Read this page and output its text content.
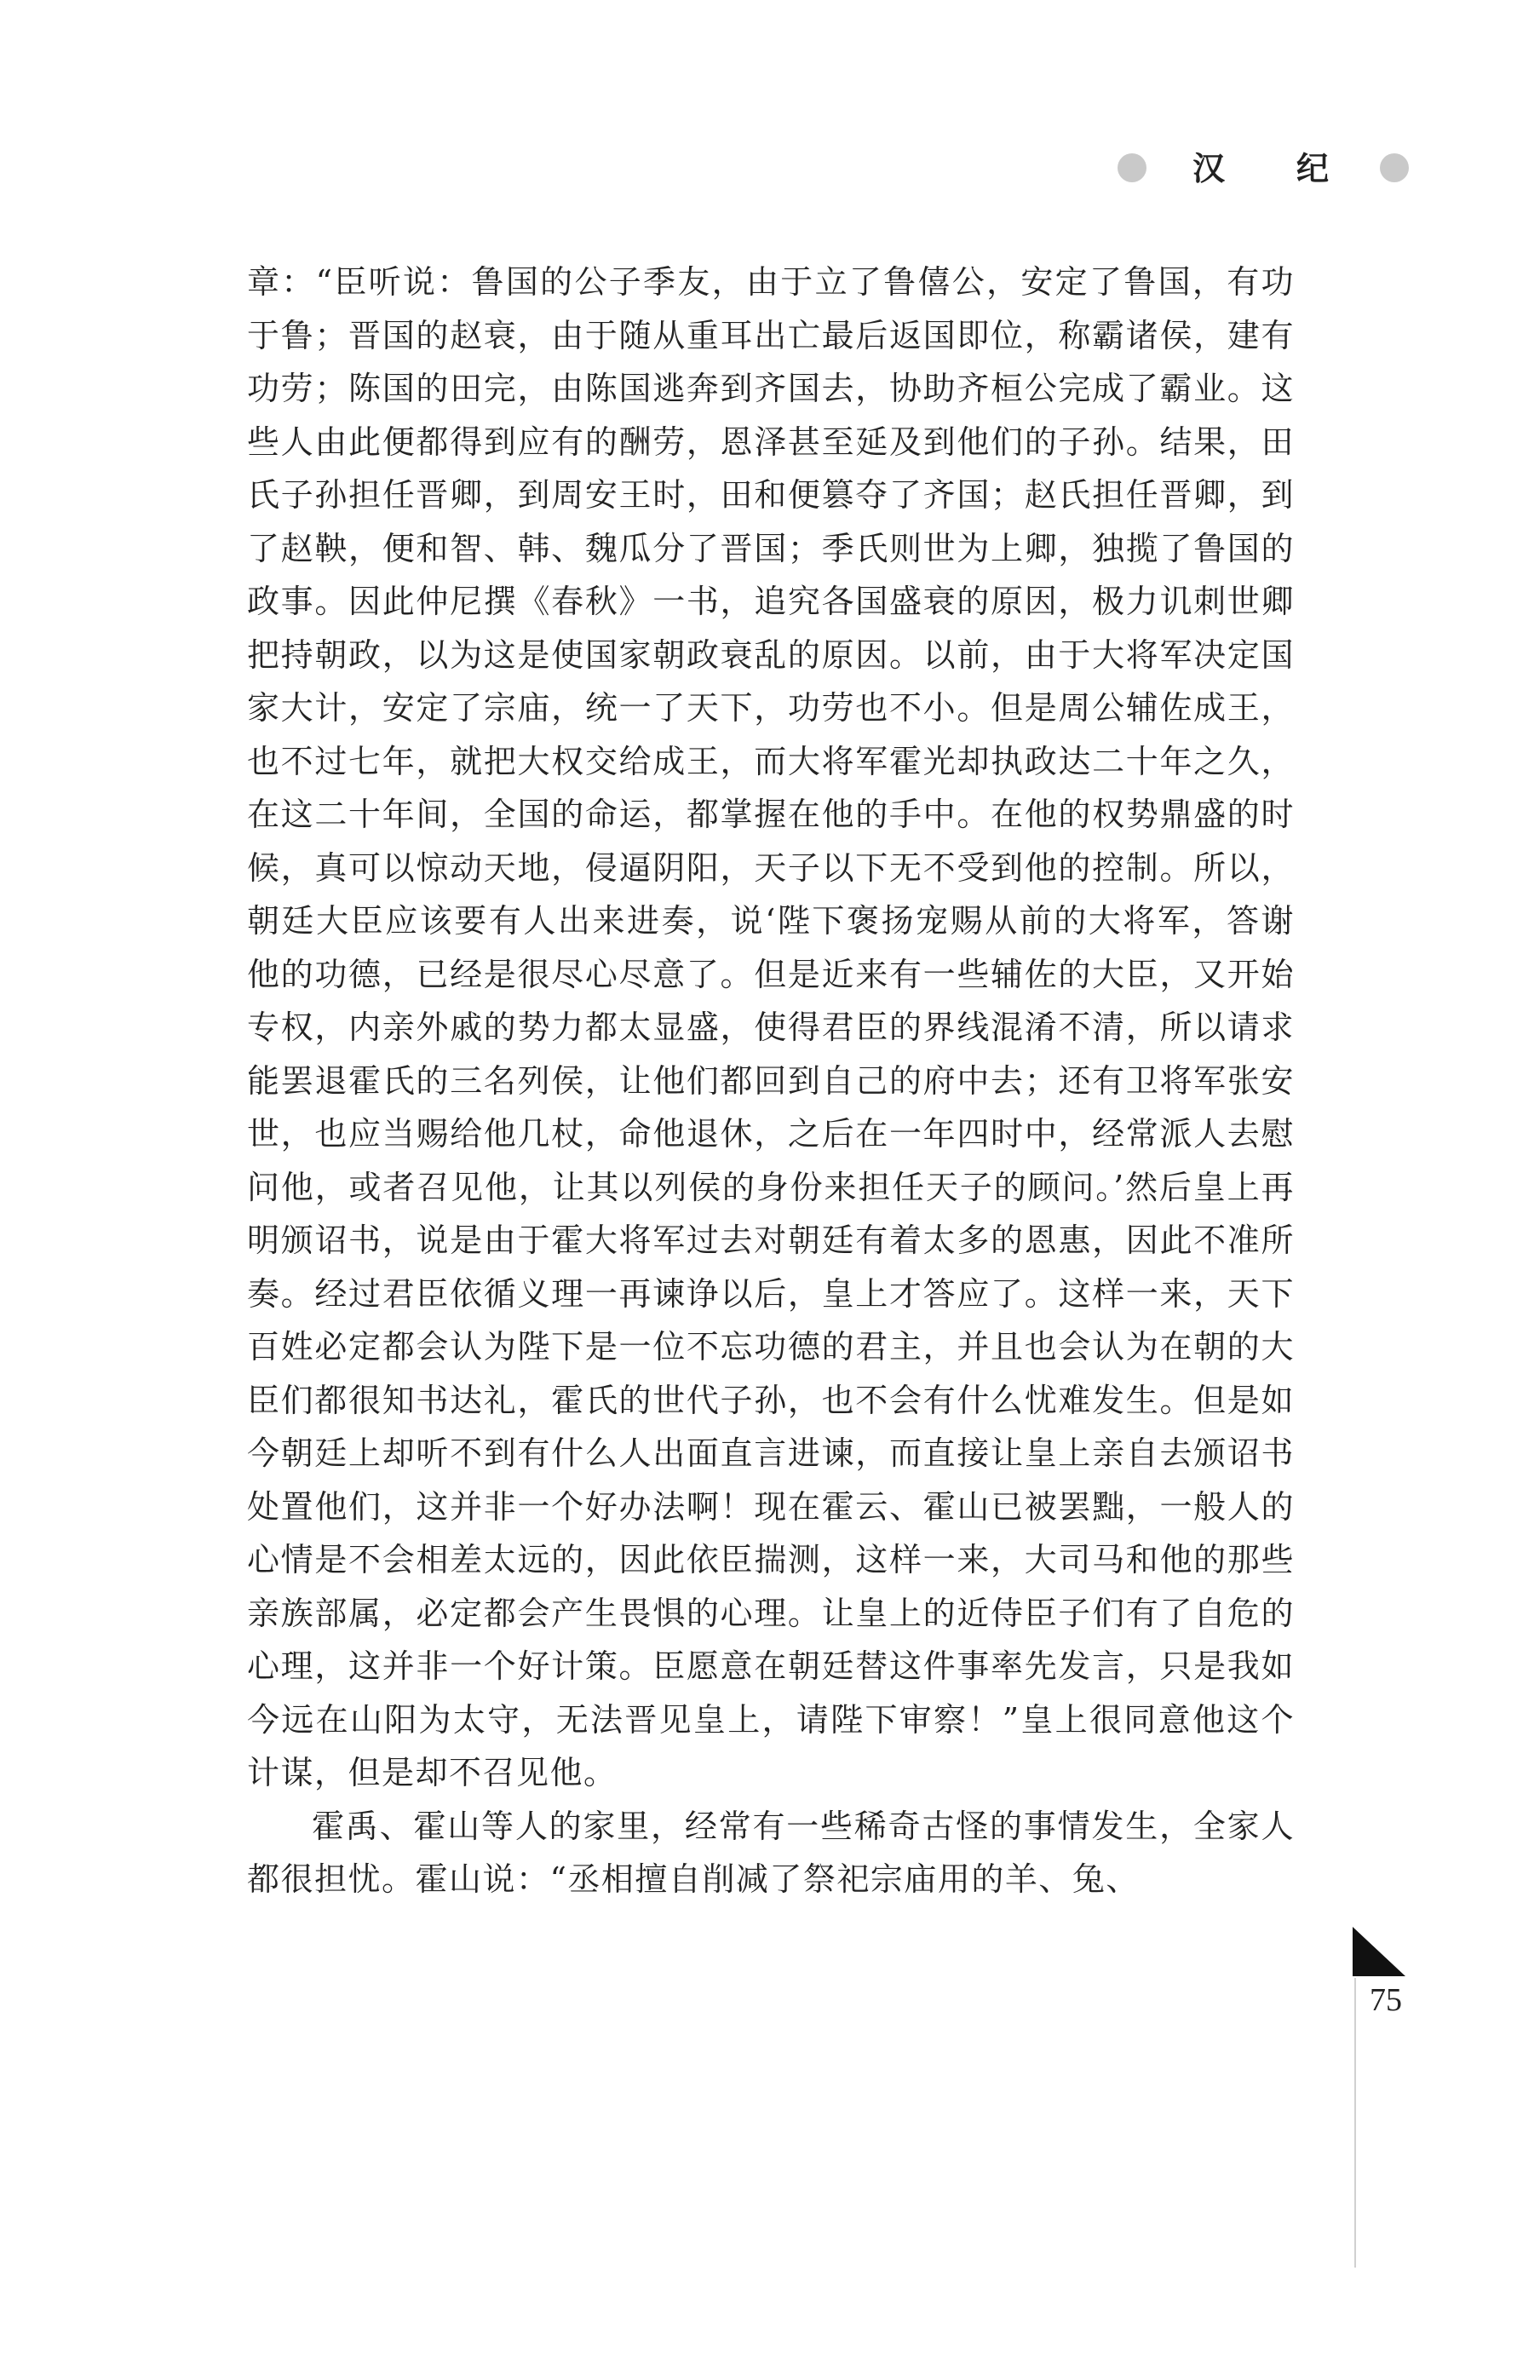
汉 纪

章：“臣听说：鲁国的公子季友，由于立了鲁僖公，安定了鲁国，有功于鲁；晋国的赵衰，由于随从重耳出亡最后返国即位，称霸诸侯，建有功劳；陈国的田完，由陈国逃奔到齐国去，协助齐桓公完成了霸业。这些人由此便都得到应有的酬劳，恩泽甚至延及到他们的子孙。结果，田氏子孙担任晋卿，到周安王时，田和便篡夺了齐国；赵氏担任晋卿，到了赵鞅，便和智、韩、魏瓜分了晋国；季氏则世为上卿，独揽了鲁国的政事。因此仲尼撰《春秋》一书，追究各国盛衰的原因，极力讥刺世卿把持朝政，以为这是使国家朝政衰乱的原因。以前，由于大将军决定国家大计，安定了宗庙，统一了天下，功劳也不小。但是周公辅佐成王，也不过七年，就把大权交给成王，而大将军霍光却执政达二十年之久，在这二十年间，全国的命运，都掌握在他的手中。在他的权势鼎盛的时候，真可以惊动天地，侵逼阴阳，天子以下无不受到他的控制。所以，朝廷大臣应该要有人出来进奏，说‘陛下褒扬宠赐从前的大将军，答谢他的功德，已经是很尽心尽意了。但是近来有一些辅佐的大臣，又开始专权，内亲外戚的势力都太显盛，使得君臣的界线混淆不清，所以请求能罢退霍氏的三名列侯，让他们都回到自己的府中去；还有卫将军张安世，也应当赐给他几杖，命他退休，之后在一年四时中，经常派人去慰问他，或者召见他，让其以列侯的身份来担任天子的顾问。’然后皇上再明颁诏书，说是由于霍大将军过去对朝廷有着太多的恩惠，因此不准所奏。经过君臣依循义理一再谏诤以后，皇上才答应了。这样一来，天下百姓必定都会认为陛下是一位不忘功德的君主，并且也会认为在朝的大臣们都很知书达礼，霍氏的世代子孙，也不会有什么忧难发生。但是如今朝廷上却听不到有什么人出面直言进谏，而直接让皇上亲自去颁诏书处置他们，这并非一个好办法啊！现在霍云、霍山已被罢黜，一般人的心情是不会相差太远的，因此依臣揣测，这样一来，大司马和他的那些亲族部属，必定都会产生畏惧的心理。让皇上的近侍臣子们有了自危的心理，这并非一个好计策。臣愿意在朝廷替这件事率先发言，只是我如今远在山阳为太守，无法晋见皇上，请陛下审察！”皇上很同意他这个计谋，但是却不召见他。

霍禹、霍山等人的家里，经常有一些稀奇古怪的事情发生，全家人都很担忧。霍山说：“丞相擅自削减了祭祀宗庙用的羊、兔、

75
